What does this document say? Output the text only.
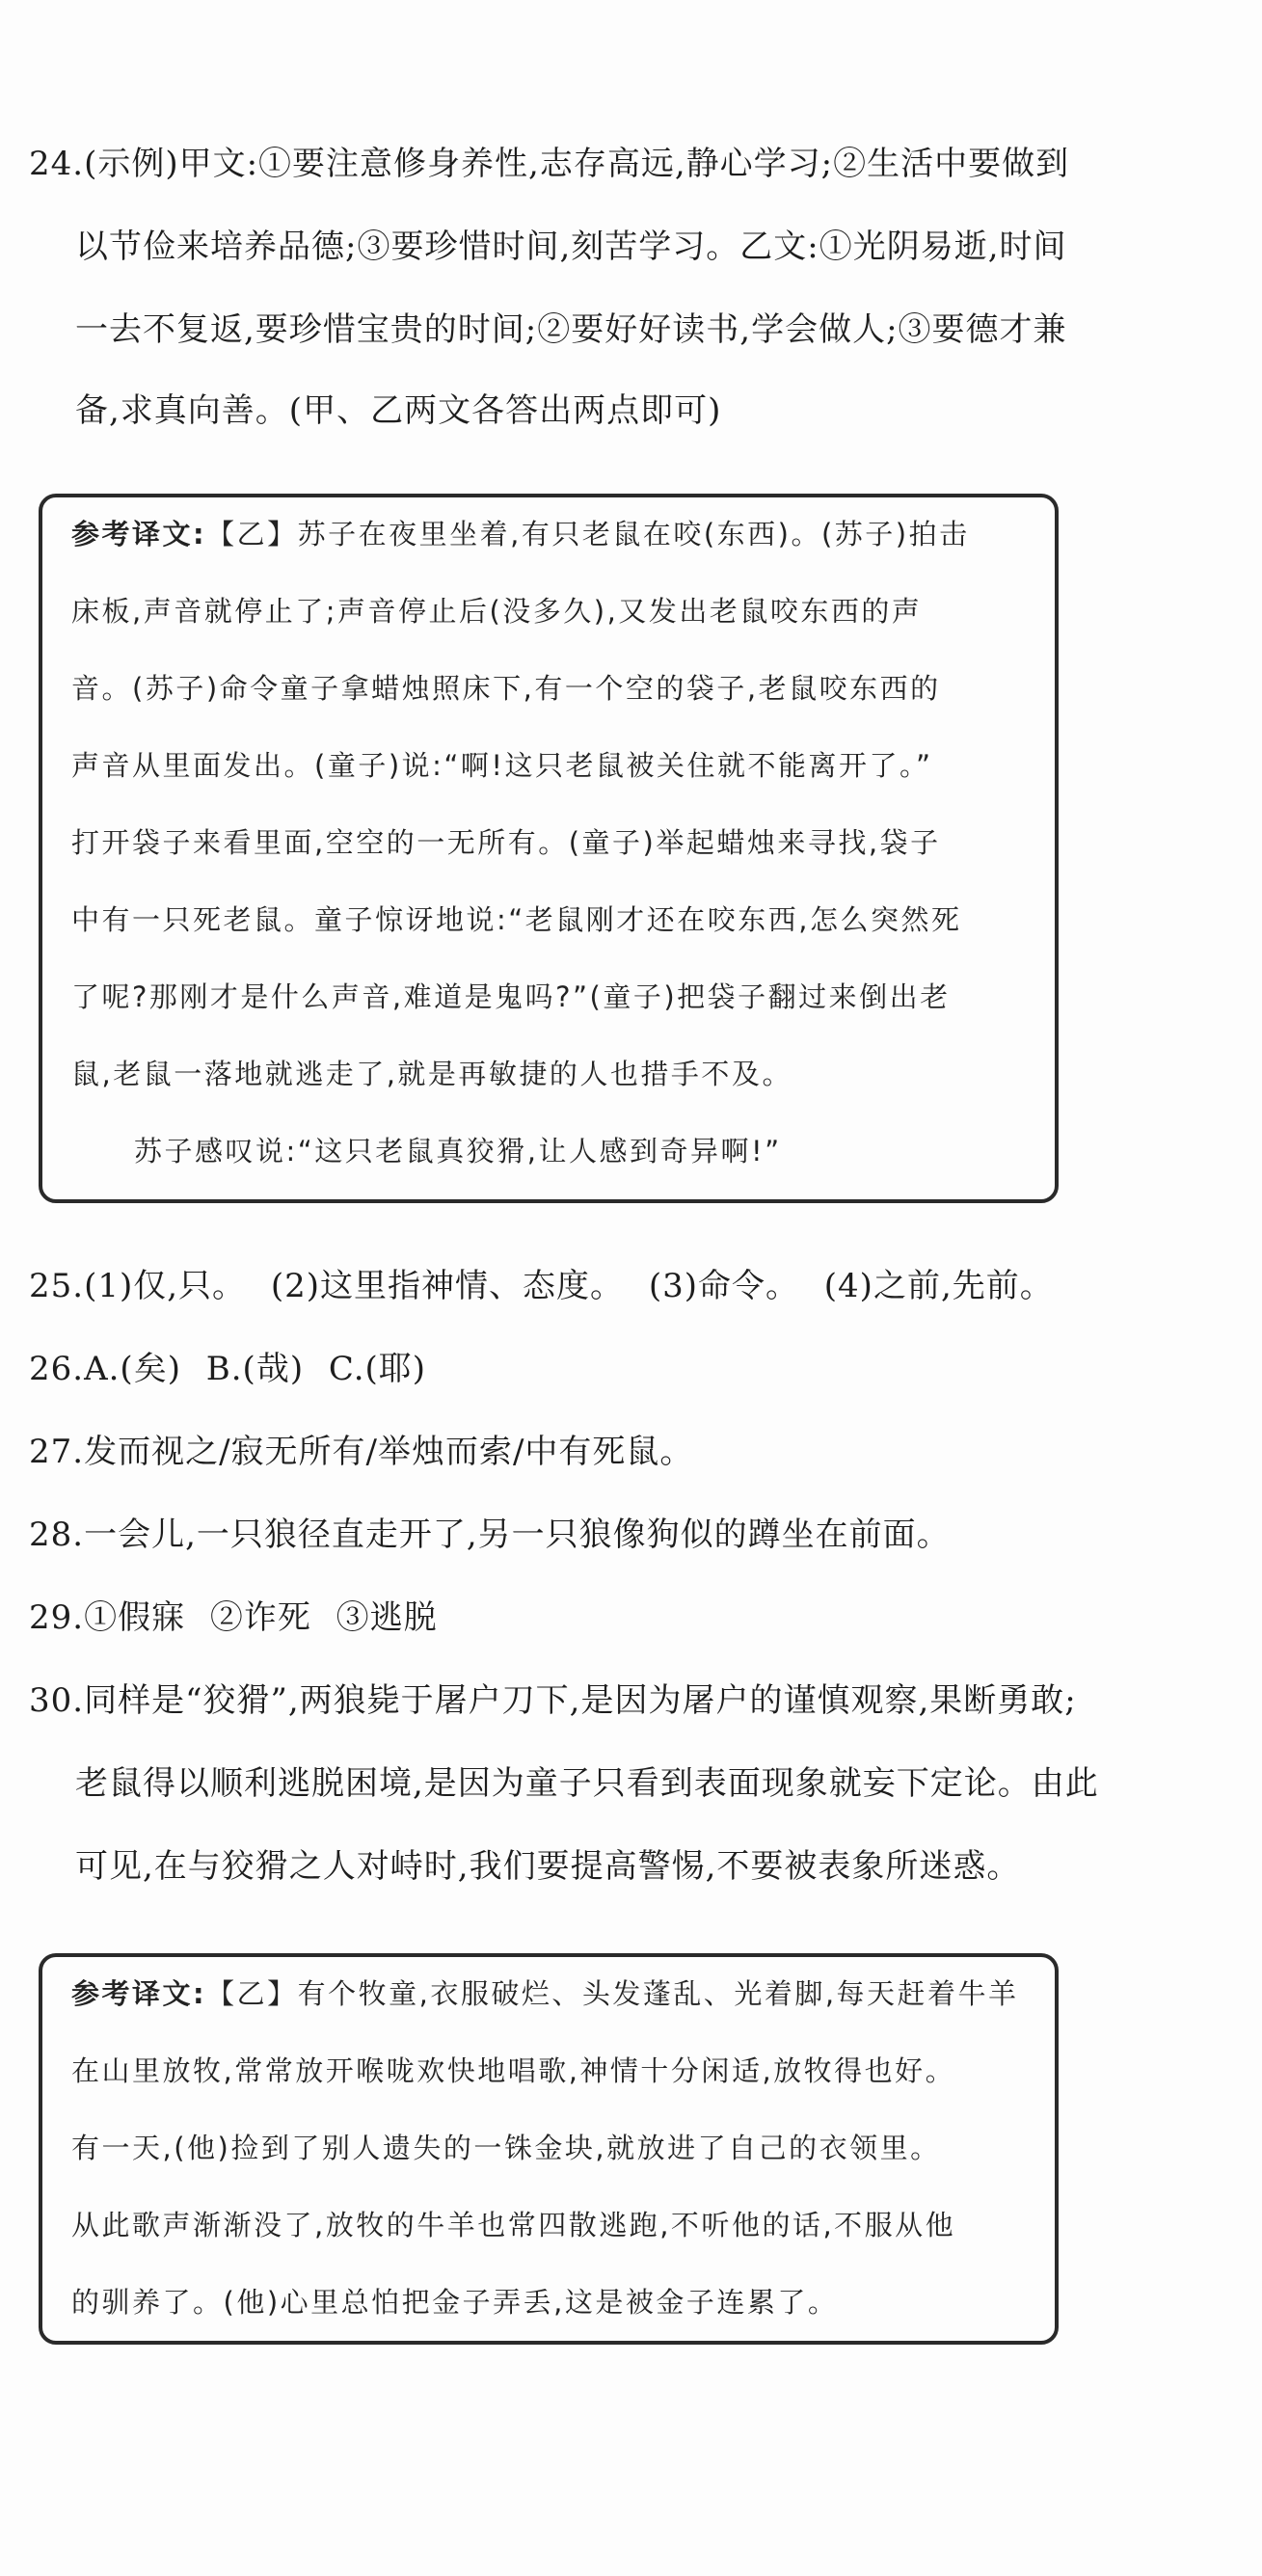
24.(示例)甲文:①要注意修身养性,志存高远,静心学习;②生活中要做到
以节俭来培养品德;③要珍惜时间,刻苦学习。乙文:①光阴易逝,时间
一去不复返,要珍惜宝贵的时间;②要好好读书,学会做人;③要德才兼
备,求真向善。(甲、乙两文各答出两点即可)
参考译文:【乙】苏子在夜里坐着,有只老鼠在咬(东西)。(苏子)拍击
床板,声音就停止了;声音停止后(没多久),又发出老鼠咬东西的声
音。(苏子)命令童子拿蜡烛照床下,有一个空的袋子,老鼠咬东西的
声音从里面发出。(童子)说:“啊!这只老鼠被关住就不能离开了。”
打开袋子来看里面,空空的一无所有。(童子)举起蜡烛来寻找,袋子
中有一只死老鼠。童子惊讶地说:“老鼠刚才还在咬东西,怎么突然死
了呢?那刚才是什么声音,难道是鬼吗?”(童子)把袋子翻过来倒出老
鼠,老鼠一落地就逃走了,就是再敏捷的人也措手不及。
苏子感叹说:“这只老鼠真狡猾,让人感到奇异啊!”
25.(1)仅,只。 (2)这里指神情、态度。 (3)命令。 (4)之前,先前。
26.A.(矣) B.(哉) C.(耶)
27.发而视之/寂无所有/举烛而索/中有死鼠。
28.一会儿,一只狼径直走开了,另一只狼像狗似的蹲坐在前面。
29.①假寐 ②诈死 ③逃脱
30.同样是“狡猾”,两狼毙于屠户刀下,是因为屠户的谨慎观察,果断勇敢;
老鼠得以顺利逃脱困境,是因为童子只看到表面现象就妄下定论。由此
可见,在与狡猾之人对峙时,我们要提高警惕,不要被表象所迷惑。
参考译文:【乙】有个牧童,衣服破烂、头发蓬乱、光着脚,每天赶着牛羊
在山里放牧,常常放开喉咙欢快地唱歌,神情十分闲适,放牧得也好。
有一天,(他)捡到了别人遗失的一铢金块,就放进了自己的衣领里。
从此歌声渐渐没了,放牧的牛羊也常四散逃跑,不听他的话,不服从他
的驯养了。(他)心里总怕把金子弄丢,这是被金子连累了。
